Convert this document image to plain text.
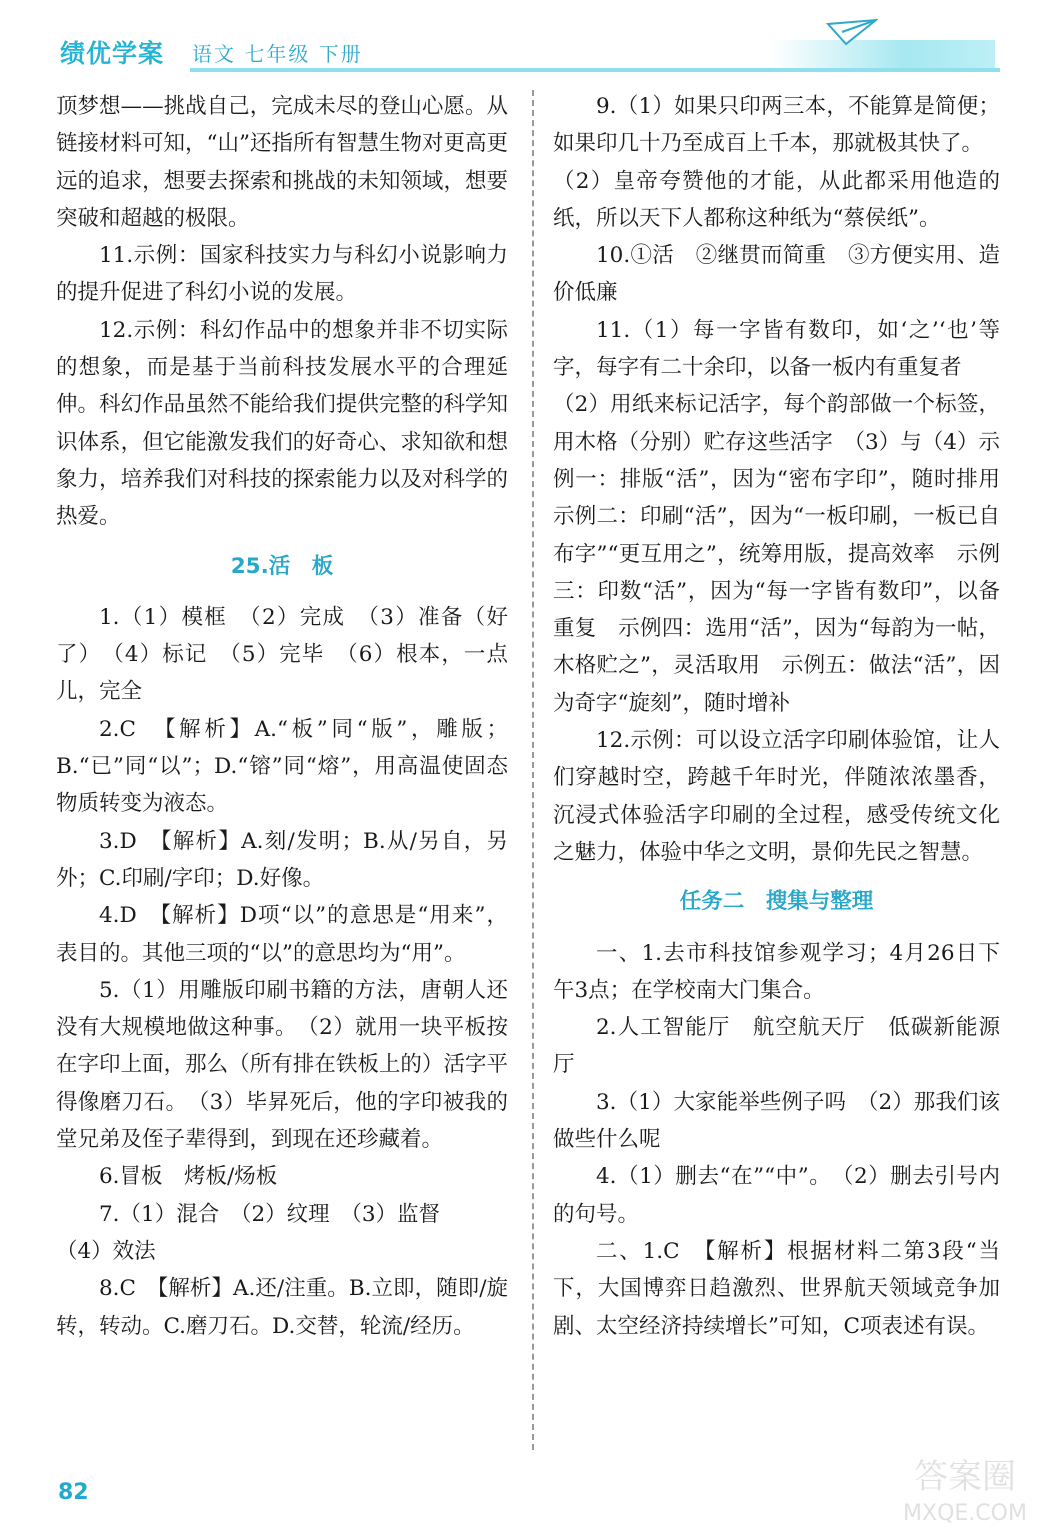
绩优学案 语文 七年级 下册

顶梦想——挑战自己，完成未尽的登山心愿。从链接材料可知，“山”还指所有智慧生物对更高更远的追求，想要去探索和挑战的未知领域，想要突破和超越的极限。

11.示例：国家科技实力与科幻小说影响力的提升促进了科幻小说的发展。

12.示例：科幻作品中的想象并非不切实际的想象，而是基于当前科技发展水平的合理延伸。科幻作品虽然不能给我们提供完整的科学知识体系，但它能激发我们的好奇心、求知欲和想象力，培养我们对科技的探索能力以及对科学的热爱。

25.活　板

1.（1）模框　（2）完成　（3）准备（好了）　（4）标记　（5）完毕　（6）根本，一点儿，完全

2.C　【解析】A.“板”同“版”，雕版；B.“已”同“以”；D.“镕”同“熔”，用高温使固态物质转变为液态。

3.D　【解析】A.刻/发明；B.从/另自，另外；C.印刷/字印；D.好像。

4.D　【解析】D项“以”的意思是“用来”，表目的。其他三项的“以”的意思均为“用”。

5.（1）用雕版印刷书籍的方法，唐朝人还没有大规模地做这种事。　（2）就用一块平板按在字印上面，那么（所有排在铁板上的）活字平得像磨刀石。　（3）毕昇死后，他的字印被我的堂兄弟及侄子辈得到，到现在还珍藏着。

6.冒板　烤板/炀板

7.（1）混合　（2）纹理　（3）监督

（4）效法

8.C　【解析】A.还/注重。B.立即，随即/旋转，转动。C.磨刀石。D.交替，轮流/经历。

9.（1）如果只印两三本，不能算是简便；如果印几十乃至成百上千本，那就极其快了。

（2）皇帝夸赞他的才能，从此都采用他造的纸，所以天下人都称这种纸为“蔡侯纸”。

10.①活　②继贯而简重　③方便实用、造价低廉

11.（1）每一字皆有数印，如‘之’‘也’等字，每字有二十余印，以备一板内有重复者

（2）用纸来标记活字，每个韵部做一个标签，用木格（分别）贮存这些活字　（3）与（4）示例一：排版“活”，因为“密布字印”，随时排用　示例二：印刷“活”，因为“一板印刷，一板已自布字”“更互用之”，统筹用版，提高效率　示例三：印数“活”，因为“每一字皆有数印”，以备重复　示例四：选用“活”，因为“每韵为一帖，木格贮之”，灵活取用　示例五：做法“活”，因为奇字“旋刻”，随时增补

12.示例：可以设立活字印刷体验馆，让人们穿越时空，跨越千年时光，伴随浓浓墨香，沉浸式体验活字印刷的全过程，感受传统文化之魅力，体验中华之文明，景仰先民之智慧。

任务二　搜集与整理

一、1.去市科技馆参观学习；4月26日下午3点；在学校南大门集合。

2.人工智能厅　航空航天厅　低碳新能源厅

3.（1）大家能举些例子吗　（2）那我们该做些什么呢

4.（1）删去“在”“中”。　（2）删去引号内的句号。

二、1.C　【解析】根据材料二第3段“当下，大国博弈日趋激烈、世界航天领域竞争加剧、太空经济持续增长”可知，C项表述有误。

82	答案圈
MXQE.COM
